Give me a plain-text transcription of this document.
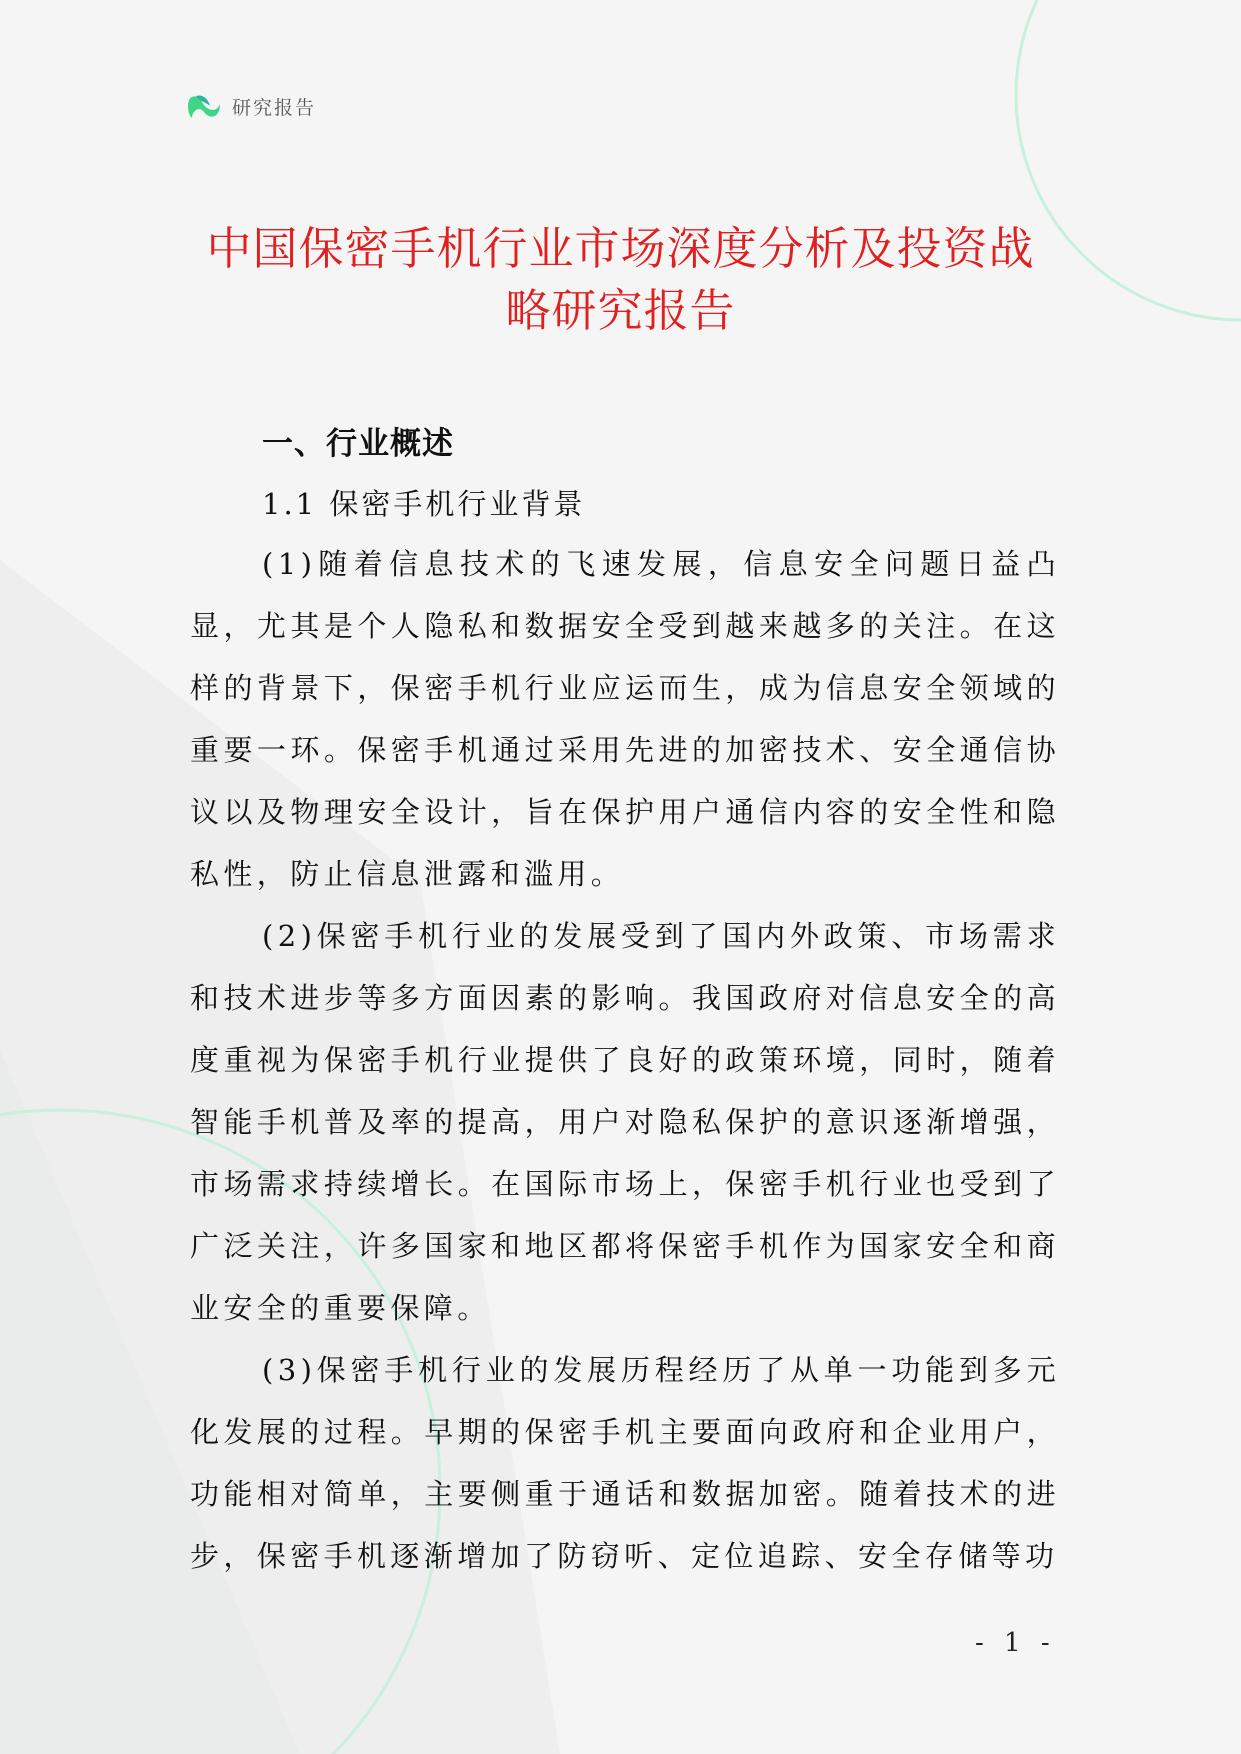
研究报告
中国保密手机行业市场深度分析及投资战
略研究报告
一、行业概述
1.1 保密手机行业背景

(1)随着信息技术的飞速发展，信息安全问题日益凸显，尤其是个人隐私和数据安全受到越来越多的关注。在这样的背景下，保密手机行业应运而生，成为信息安全领域的重要一环。保密手机通过采用先进的加密技术、安全通信协议以及物理安全设计，旨在保护用户通信内容的安全性和隐私性，防止信息泄露和滥用。

(2)保密手机行业的发展受到了国内外政策、市场需求和技术进步等多方面因素的影响。我国政府对信息安全的高度重视为保密手机行业提供了良好的政策环境，同时，随着智能手机普及率的提高，用户对隐私保护的意识逐渐增强，市场需求持续增长。在国际市场上，保密手机行业也受到了广泛关注，许多国家和地区都将保密手机作为国家安全和商业安全的重要保障。

(3)保密手机行业的发展历程经历了从单一功能到多元化发展的过程。早期的保密手机主要面向政府和企业用户，功能相对简单，主要侧重于通话和数据加密。随着技术的进步，保密手机逐渐增加了防窃听、定位追踪、安全存储等功

- 1 -
